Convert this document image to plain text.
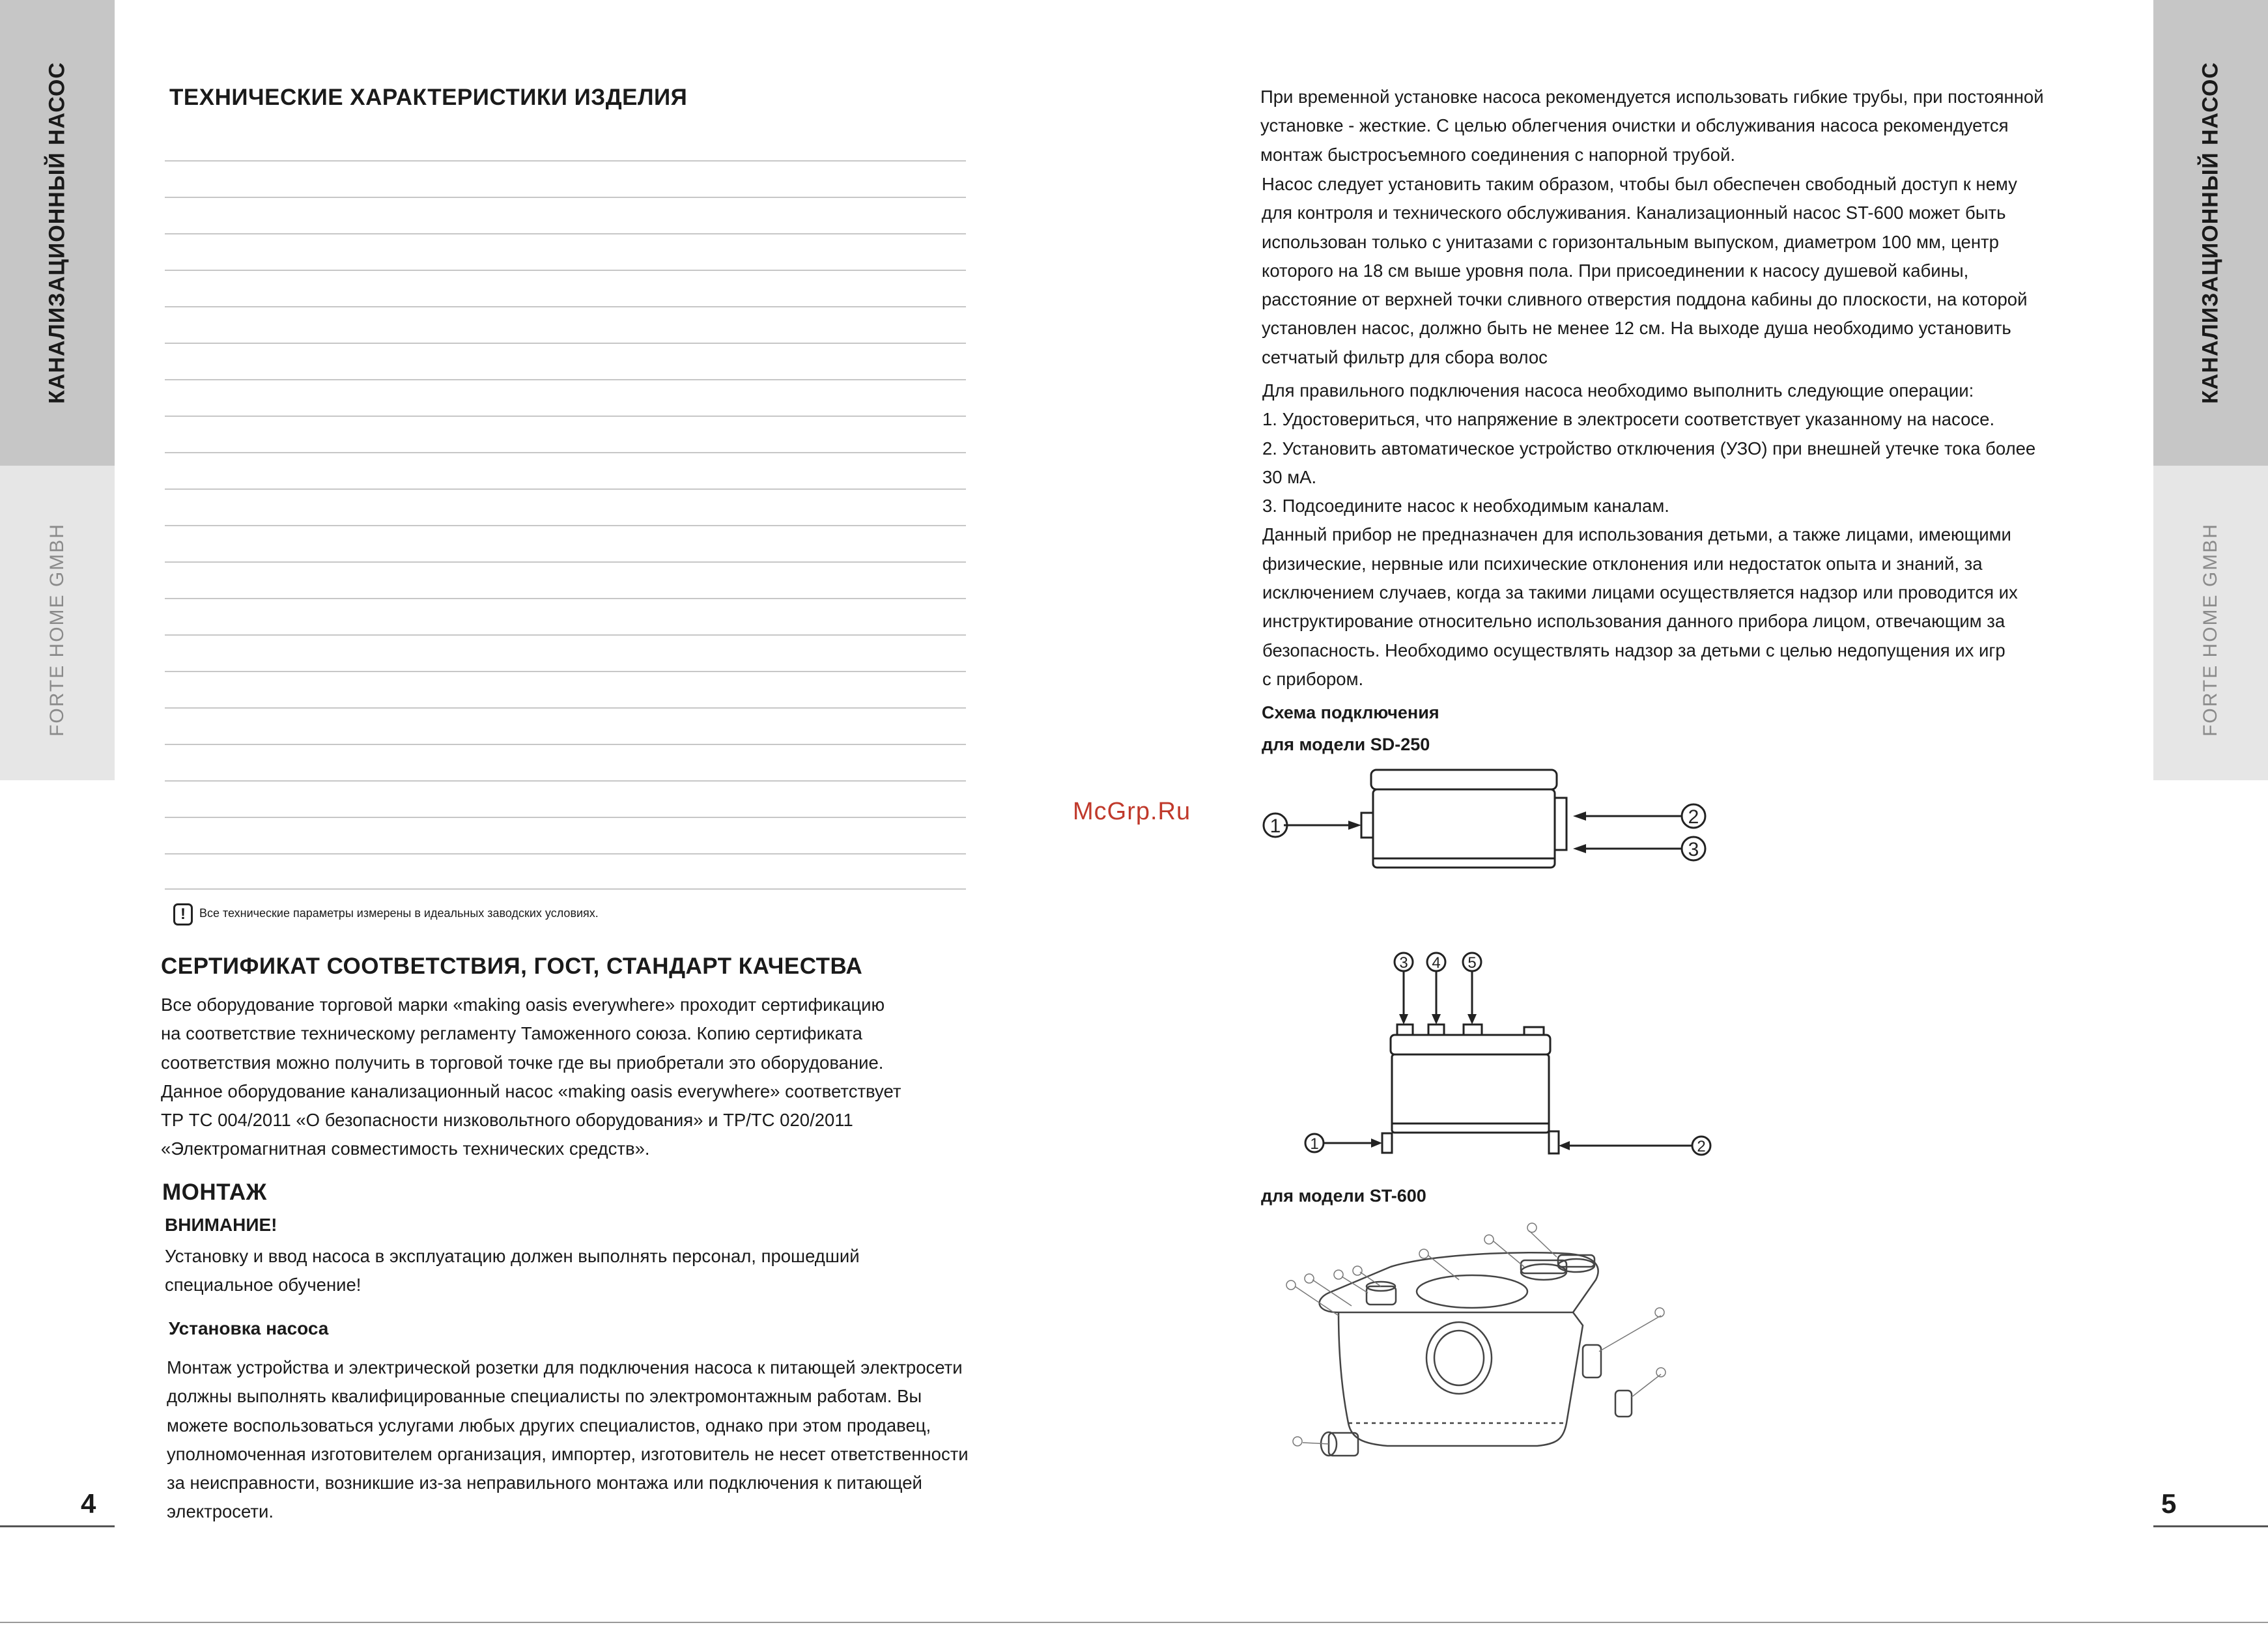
КАНАЛИЗАЦИОННЫЙ НАСОС
FORTE HOME GMBH
КАНАЛИЗАЦИОННЫЙ НАСОС
FORTE HOME GMBH
4	5
ТЕХНИЧЕСКИЕ ХАРАКТЕРИСТИКИ ИЗДЕЛИЯ
!	Все технические параметры измерены в идеальных заводских условиях.
СЕРТИФИКАТ СООТВЕТСТВИЯ, ГОСТ, СТАНДАРТ КАЧЕСТВА
Все оборудование торговой марки «making oasis everywhere» проходит сертификацию
на соответствие техническому регламенту Таможенного союза. Копию сертификата
соответствия можно получить в торговой точке где вы приобретали это оборудование.
Данное оборудование канализационный насос «making oasis everywhere» соответствует
ТР ТС 004/2011 «О безопасности низковольтного оборудования» и ТР/ТС 020/2011
«Электромагнитная совместимость технических средств».
МОНТАЖ
ВНИМАНИЕ!
Установку и ввод насоса в эксплуатацию должен выполнять персонал, прошедший
специальное обучение!
Установка насоса
Монтаж устройства и электрической розетки для подключения насоса к питающей электросети
должны выполнять квалифицированные специалисты по электромонтажным работам. Вы
можете воспользоваться услугами любых других специалистов, однако при этом продавец,
уполномоченная изготовителем организация, импортер, изготовитель не несет ответственности
за неисправности, возникшие из-за неправильного монтажа или подключения к питающей
электросети.
McGrp.Ru
При временной установке насоса рекомендуется использовать гибкие трубы, при постоянной
установке - жесткие. С целью облегчения очистки и обслуживания насоса рекомендуется
монтаж быстросъемного соединения с напорной трубой.
Насос следует установить таким образом, чтобы был обеспечен свободный доступ к нему
для контроля и технического обслуживания. Канализационный насос ST-600 может быть
использован только с унитазами с горизонтальным выпуском, диаметром 100 мм, центр
которого на 18 см выше уровня пола. При присоединении к насосу душевой кабины,
расстояние от верхней точки сливного отверстия поддона кабины до плоскости, на которой
установлен насос, должно быть не менее 12 см. На выходе душа необходимо установить
сетчатый фильтр для сбора волос
Для правильного подключения насоса необходимо выполнить следующие операции:
1. Удостовериться, что напряжение в электросети соответствует указанному на насосе.
2. Установить автоматическое устройство отключения (УЗО) при внешней утечке тока более
30 мА.
3. Подсоедините насос к необходимым каналам.
Данный прибор не предназначен для использования детьми, а также лицами, имеющими
физические, нервные или психические отклонения или недостаток опыта и знаний, за
исключением случаев, когда за такими лицами осуществляется надзор или проводится их
инструктирование относительно использования данного прибора лицом, отвечающим за
безопасность. Необходимо осуществлять надзор за детьми с целью недопущения их игр
с прибором.
Схема подключения
для модели SD-250
1	2
3
3 4 5
1	2
для модели ST-600
